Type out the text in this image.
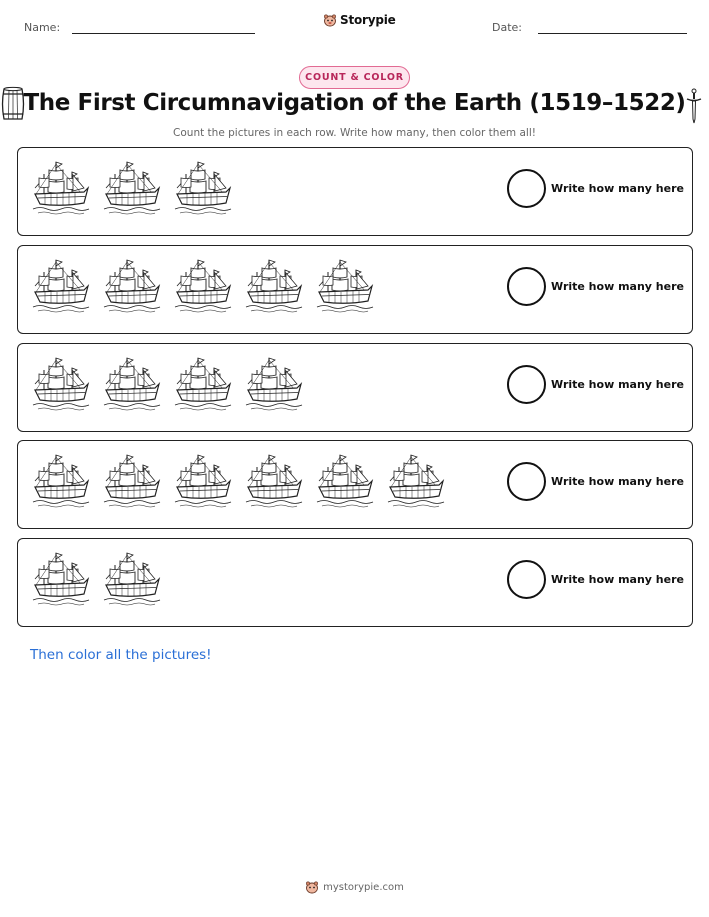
Name:
Storypie
Date:
COUNT & COLOR
The First Circumnavigation of the Earth (1519–1522)
Count the pictures in each row. Write how many, then color them all!
Write how many here
Write how many here
Write how many here
Write how many here
Write how many here
Then color all the pictures!
mystorypie.com
